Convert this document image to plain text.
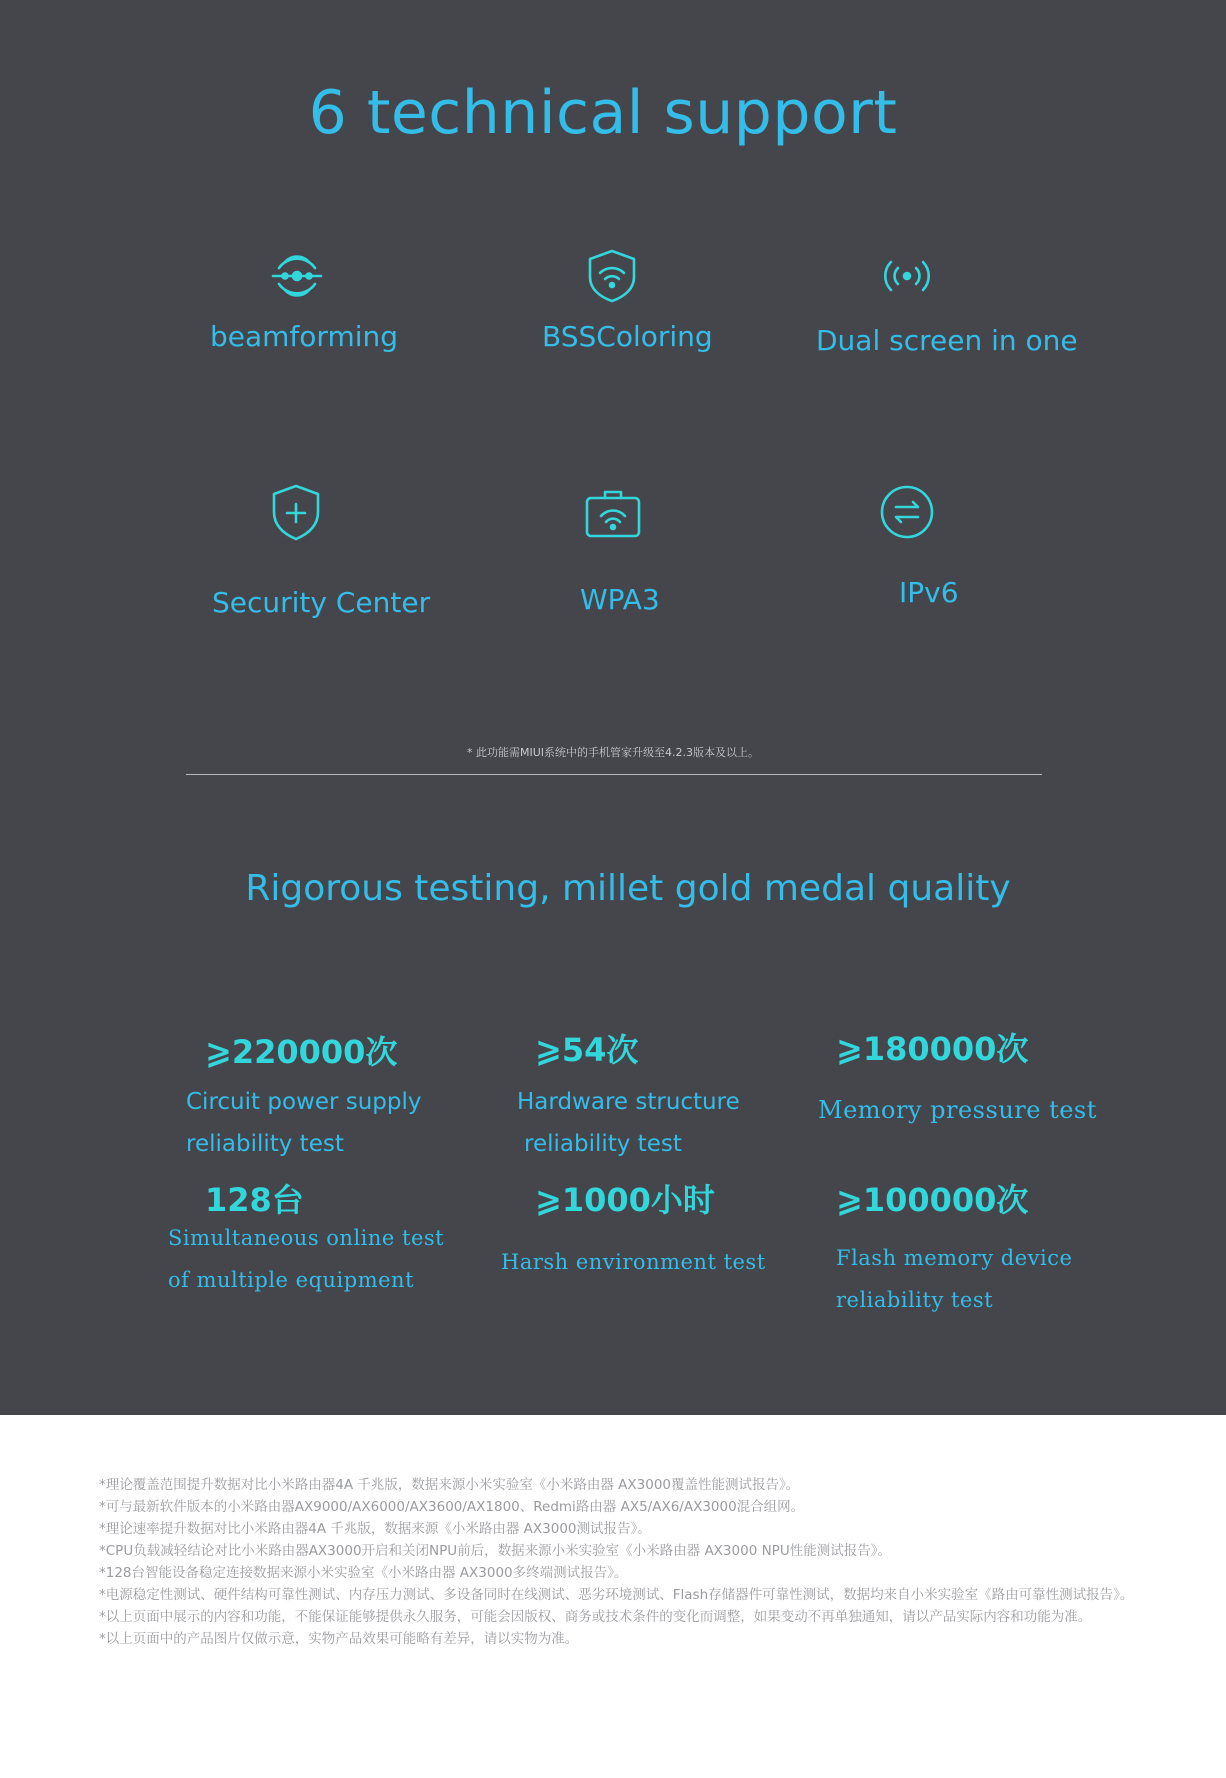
6 technical support
beamforming	BSSColoring	Dual screen in one
Security Center	WPA3	IPv6
* 此功能需MIUI系统中的手机管家升级至4.2.3版本及以上。
Rigorous testing, millet gold medal quality
⩾220000次
Circuit power supply
reliability test
⩾54次
Hardware structure
reliability test
⩾180000次
Memory pressure test
128台
Simultaneous online test
of multiple equipment
⩾1000小时
Harsh environment test
⩾100000次
Flash memory device
reliability test

*理论覆盖范围提升数据对比小米路由器4A 千兆版，数据来源小米实验室《小米路由器 AX3000覆盖性能测试报告》。

*可与最新软件版本的小米路由器AX9000/AX6000/AX3600/AX1800、Redmi路由器 AX5/AX6/AX3000混合组网。

*理论速率提升数据对比小米路由器4A 千兆版，数据来源《小米路由器 AX3000测试报告》。

*CPU负载减轻结论对比小米路由器AX3000开启和关闭NPU前后，数据来源小米实验室《小米路由器 AX3000 NPU性能测试报告》。

*128台智能设备稳定连接数据来源小米实验室《小米路由器 AX3000多终端测试报告》。

*电源稳定性测试、硬件结构可靠性测试、内存压力测试、多设备同时在线测试、恶劣环境测试、Flash存储器件可靠性测试，数据均来自小米实验室《路由可靠性测试报告》。

*以上页面中展示的内容和功能，不能保证能够提供永久服务，可能会因版权、商务或技术条件的变化而调整，如果变动不再单独通知，请以产品实际内容和功能为准。

*以上页面中的产品图片仅做示意，实物产品效果可能略有差异，请以实物为准。
